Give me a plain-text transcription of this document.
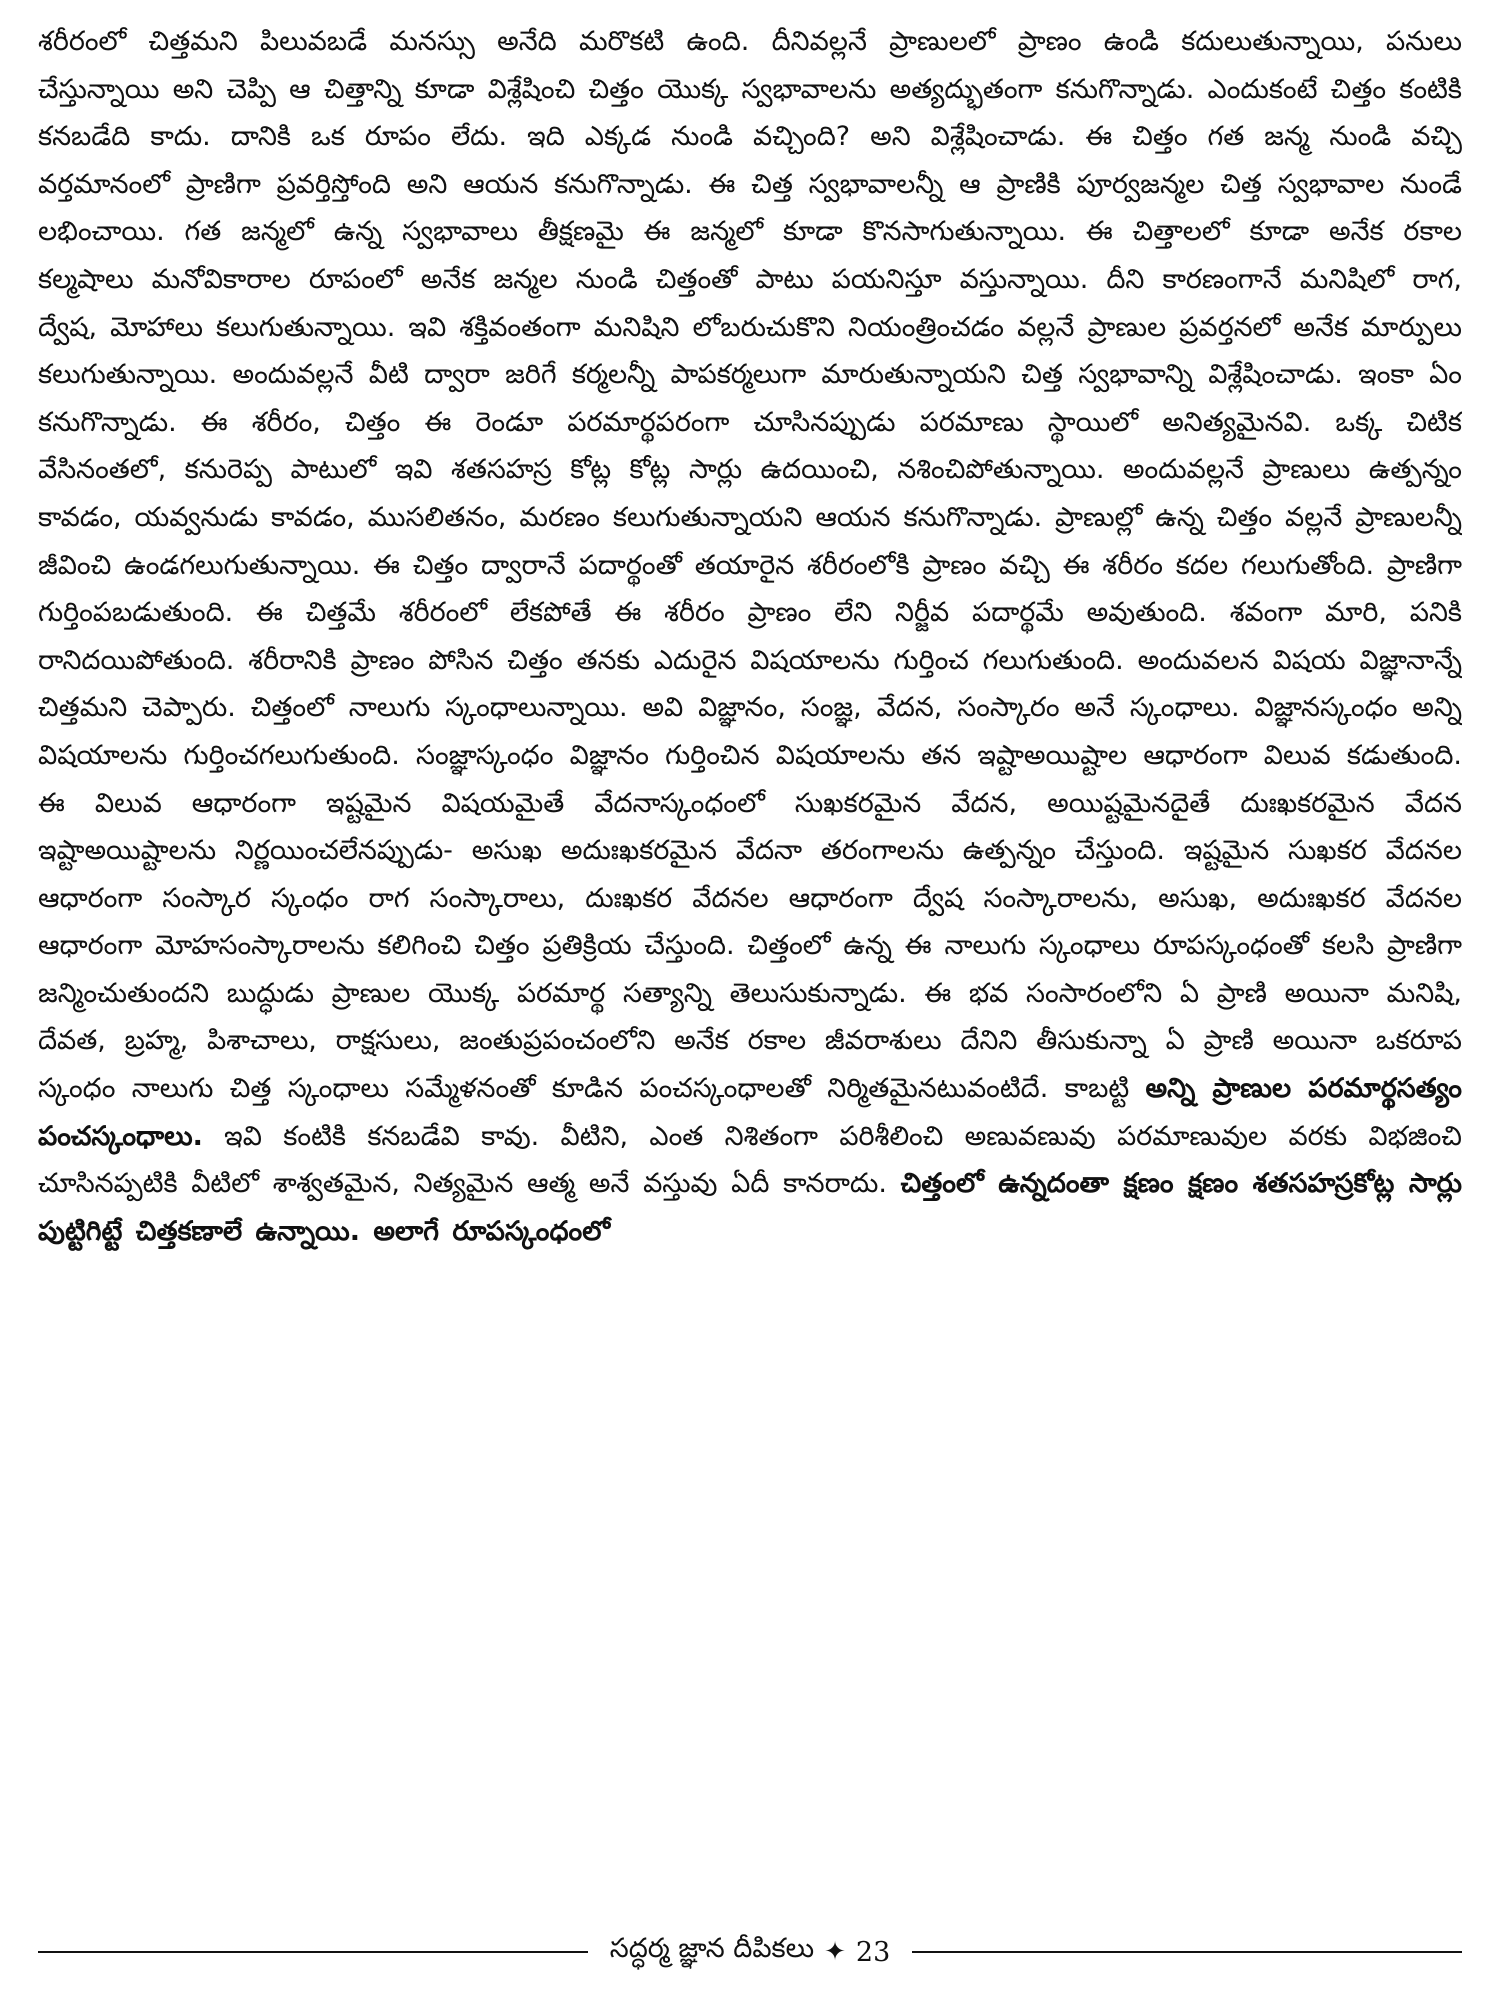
శరీరంలో చిత్తమని పిలువబడే మనస్సు అనేది మరొకటి ఉంది. దీనివల్లనే ప్రాణులలో ప్రాణం ఉండి కదులుతున్నాయి, పనులు చేస్తున్నాయి అని చెప్పి ఆ చిత్తాన్ని కూడా విశ్లేషించి చిత్తం యొక్క స్వభావాలను అత్యద్భుతంగా కనుగొన్నాడు. ఎందుకంటే చిత్తం కంటికి కనబడేది కాదు. దానికి ఒక రూపం లేదు. ఇది ఎక్కడ నుండి వచ్చింది? అని విశ్లేషించాడు. ఈ చిత్తం గత జన్మ నుండి వచ్చి వర్తమానంలో ప్రాణిగా ప్రవర్తిస్తోంది అని ఆయన కనుగొన్నాడు. ఈ చిత్త స్వభావాలన్నీ ఆ ప్రాణికి పూర్వజన్మల చిత్త స్వభావాల నుండే లభించాయి. గత జన్మలో ఉన్న స్వభావాలు తీక్షణమై ఈ జన్మలో కూడా కొనసాగుతున్నాయి. ఈ చిత్తాలలో కూడా అనేక రకాల కల్మషాలు మనోవికారాల రూపంలో అనేక జన్మల నుండి చిత్తంతో పాటు పయనిస్తూ వస్తున్నాయి. దీని కారణంగానే మనిషిలో రాగ, ద్వేష, మోహాలు కలుగుతున్నాయి. ఇవి శక్తివంతంగా మనిషిని లోబరుచుకొని నియంత్రించడం వల్లనే ప్రాణుల ప్రవర్తనలో అనేక మార్పులు కలుగుతున్నాయి. అందువల్లనే వీటి ద్వారా జరిగే కర్మలన్నీ పాపకర్మలుగా మారుతున్నాయని చిత్త స్వభావాన్ని విశ్లేషించాడు. ఇంకా ఏం కనుగొన్నాడు. ఈ శరీరం, చిత్తం ఈ రెండూ పరమార్థపరంగా చూసినప్పుడు పరమాణు స్థాయిలో అనిత్యమైనవి. ఒక్క చిటిక వేసినంతలో, కనురెప్ప పాటులో ఇవి శతసహస్ర కోట్ల కోట్ల సార్లు ఉదయించి, నశించిపోతున్నాయి. అందువల్లనే ప్రాణులు ఉత్పన్నం కావడం, యవ్వనుడు కావడం, ముసలితనం, మరణం కలుగుతున్నాయని ఆయన కనుగొన్నాడు. ప్రాణుల్లో ఉన్న చిత్తం వల్లనే ప్రాణులన్నీ జీవించి ఉండగలుగుతున్నాయి. ఈ చిత్తం ద్వారానే పదార్థంతో తయారైన శరీరంలోకి ప్రాణం వచ్చి ఈ శరీరం కదల గలుగుతోంది. ప్రాణిగా గుర్తింపబడుతుంది. ఈ చిత్తమే శరీరంలో లేకపోతే ఈ శరీరం ప్రాణం లేని నిర్జీవ పదార్థమే అవుతుంది. శవంగా మారి, పనికి రానిదయిపోతుంది. శరీరానికి ప్రాణం పోసిన చిత్తం తనకు ఎదురైన విషయాలను గుర్తించ గలుగుతుంది. అందువలన విషయ విజ్ఞానాన్నే చిత్తమని చెప్పారు. చిత్తంలో నాలుగు స్కంధాలున్నాయి. అవి విజ్ఞానం, సంజ్ఞ, వేదన, సంస్కారం అనే స్కంధాలు. విజ్ఞానస్కంధం అన్ని విషయాలను గుర్తించగలుగుతుంది. సంజ్ఞాస్కంధం విజ్ఞానం గుర్తించిన విషయాలను తన ఇష్టాఅయిష్టాల ఆధారంగా విలువ కడుతుంది. ఈ విలువ ఆధారంగా ఇష్టమైన విషయమైతే వేదనాస్కంధంలో సుఖకరమైన వేదన, అయిష్టమైనదైతే దుఃఖకరమైన వేదన ఇష్టాఅయిష్టాలను నిర్ణయించలేనప్పుడు- అసుఖ అదుఃఖకరమైన వేదనా తరంగాలను ఉత్పన్నం చేస్తుంది. ఇష్టమైన సుఖకర వేదనల ఆధారంగా సంస్కార స్కంధం రాగ సంస్కారాలు, దుఃఖకర వేదనల ఆధారంగా ద్వేష సంస్కారాలను, అసుఖ, అదుఃఖకర వేదనల ఆధారంగా మోహసంస్కారాలను కలిగించి చిత్తం ప్రతిక్రియ చేస్తుంది. చిత్తంలో ఉన్న ఈ నాలుగు స్కంధాలు రూపస్కంధంతో కలసి ప్రాణిగా జన్మించుతుందని బుద్ధుడు ప్రాణుల యొక్క పరమార్థ సత్యాన్ని తెలుసుకున్నాడు. ఈ భవ సంసారంలోని ఏ ప్రాణి అయినా మనిషి, దేవత, బ్రహ్మ, పిశాచాలు, రాక్షసులు, జంతుప్రపంచంలోని అనేక రకాల జీవరాశులు దేనిని తీసుకున్నా ఏ ప్రాణి అయినా ఒకరూప స్కంధం నాలుగు చిత్త స్కంధాలు సమ్మేళనంతో కూడిన పంచస్కంధాలతో నిర్మితమైనటువంటిదే. కాబట్టి అన్ని ప్రాణుల పరమార్థసత్యం పంచస్కంధాలు. ఇవి కంటికి కనబడేవి కావు. వీటిని, ఎంత నిశితంగా పరిశీలించి అణువణువు పరమాణువుల వరకు విభజించి చూసినప్పటికి వీటిలో శాశ్వతమైన, నిత్యమైన ఆత్మ అనే వస్తువు ఏదీ కానరాదు. చిత్తంలో ఉన్నదంతా క్షణం క్షణం శతసహస్రకోట్ల సార్లు పుట్టిగిట్టే చిత్తకణాలే ఉన్నాయి. అలాగే రూపస్కంధంలో

సద్ధర్మ జ్ఞాన దీపికలు ✦ 23
